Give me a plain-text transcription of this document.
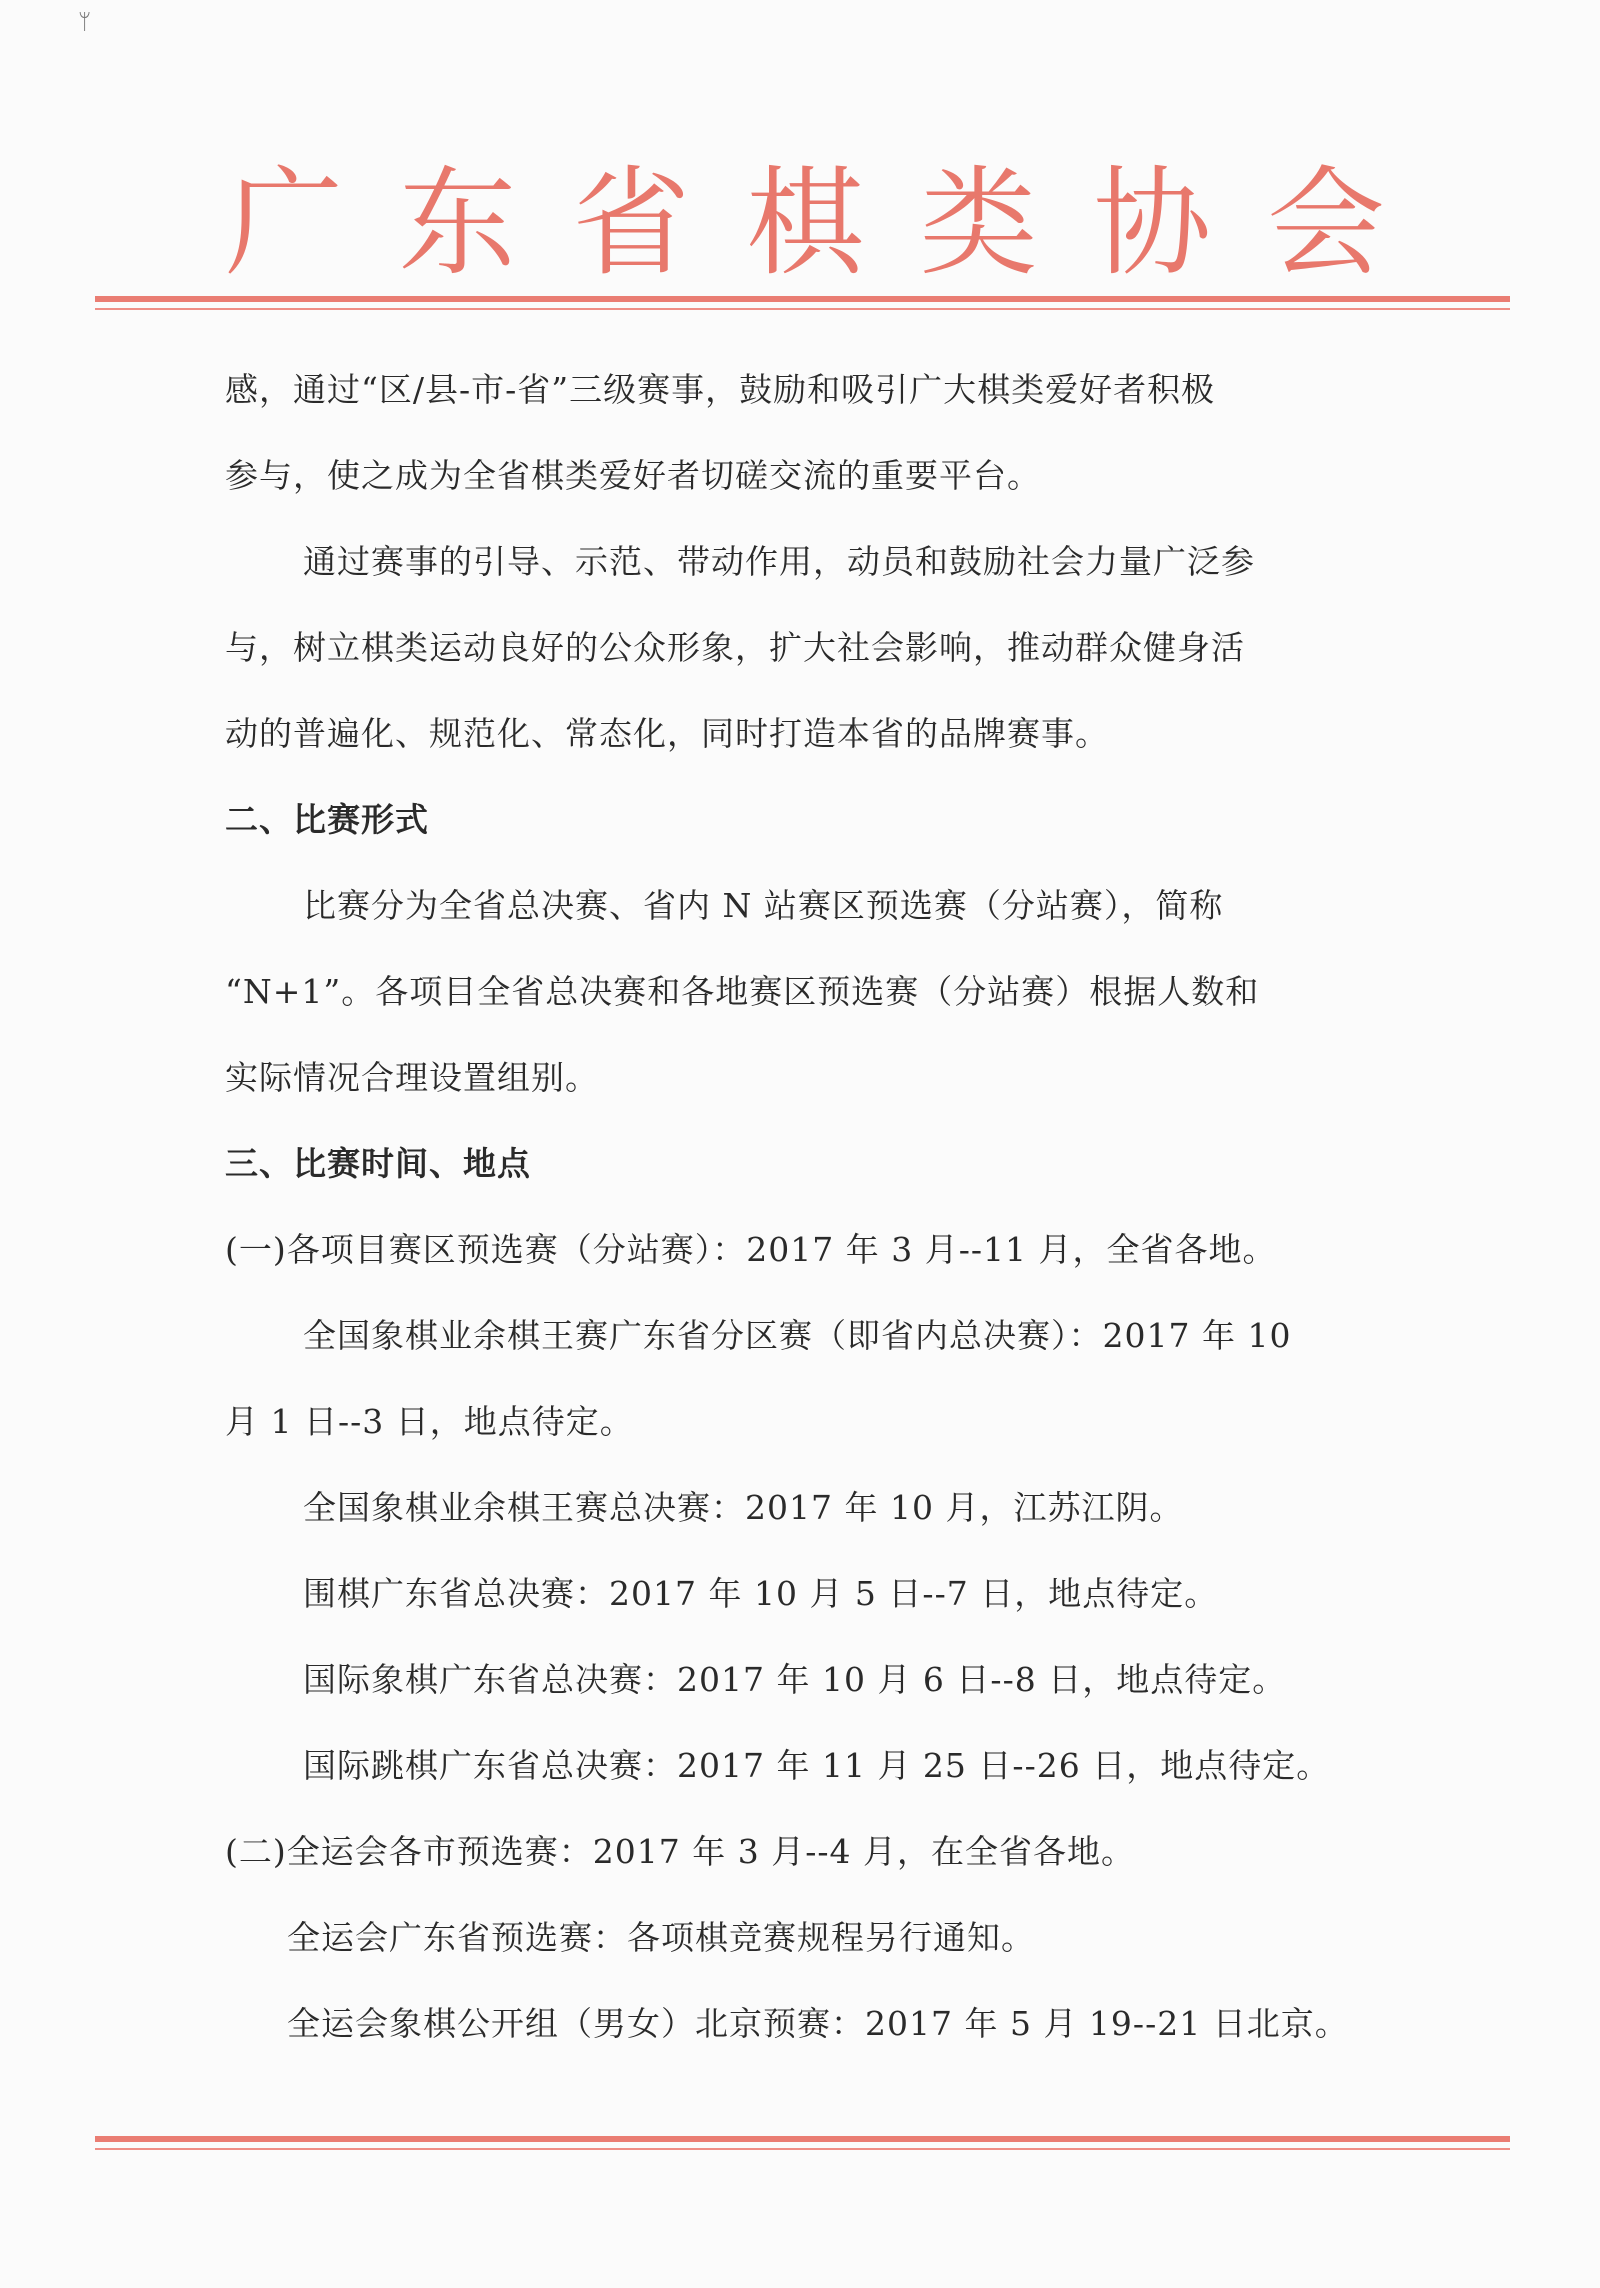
ᛘ
广 东 省 棋 类 协 会
感，通过“区/县-市-省”三级赛事，鼓励和吸引广大棋类爱好者积极
参与，使之成为全省棋类爱好者切磋交流的重要平台。
通过赛事的引导、示范、带动作用，动员和鼓励社会力量广泛参
与，树立棋类运动良好的公众形象，扩大社会影响，推动群众健身活
动的普遍化、规范化、常态化，同时打造本省的品牌赛事。
二、比赛形式
比赛分为全省总决赛、省内 N 站赛区预选赛（分站赛），简称
“N+1”。各项目全省总决赛和各地赛区预选赛（分站赛）根据人数和
实际情况合理设置组别。
三、比赛时间、地点
(一)各项目赛区预选赛（分站赛）：2017 年 3 月--11 月，全省各地。
全国象棋业余棋王赛广东省分区赛（即省内总决赛）：2017 年 10
月 1 日--3 日，地点待定。
全国象棋业余棋王赛总决赛：2017 年 10 月，江苏江阴。
围棋广东省总决赛：2017 年 10 月 5 日--7 日，地点待定。
国际象棋广东省总决赛：2017 年 10 月 6 日--8 日，地点待定。
国际跳棋广东省总决赛：2017 年 11 月 25 日--26 日，地点待定。
(二)全运会各市预选赛：2017 年 3 月--4 月，在全省各地。
全运会广东省预选赛：各项棋竞赛规程另行通知。
全运会象棋公开组（男女）北京预赛：2017 年 5 月 19--21 日北京。
